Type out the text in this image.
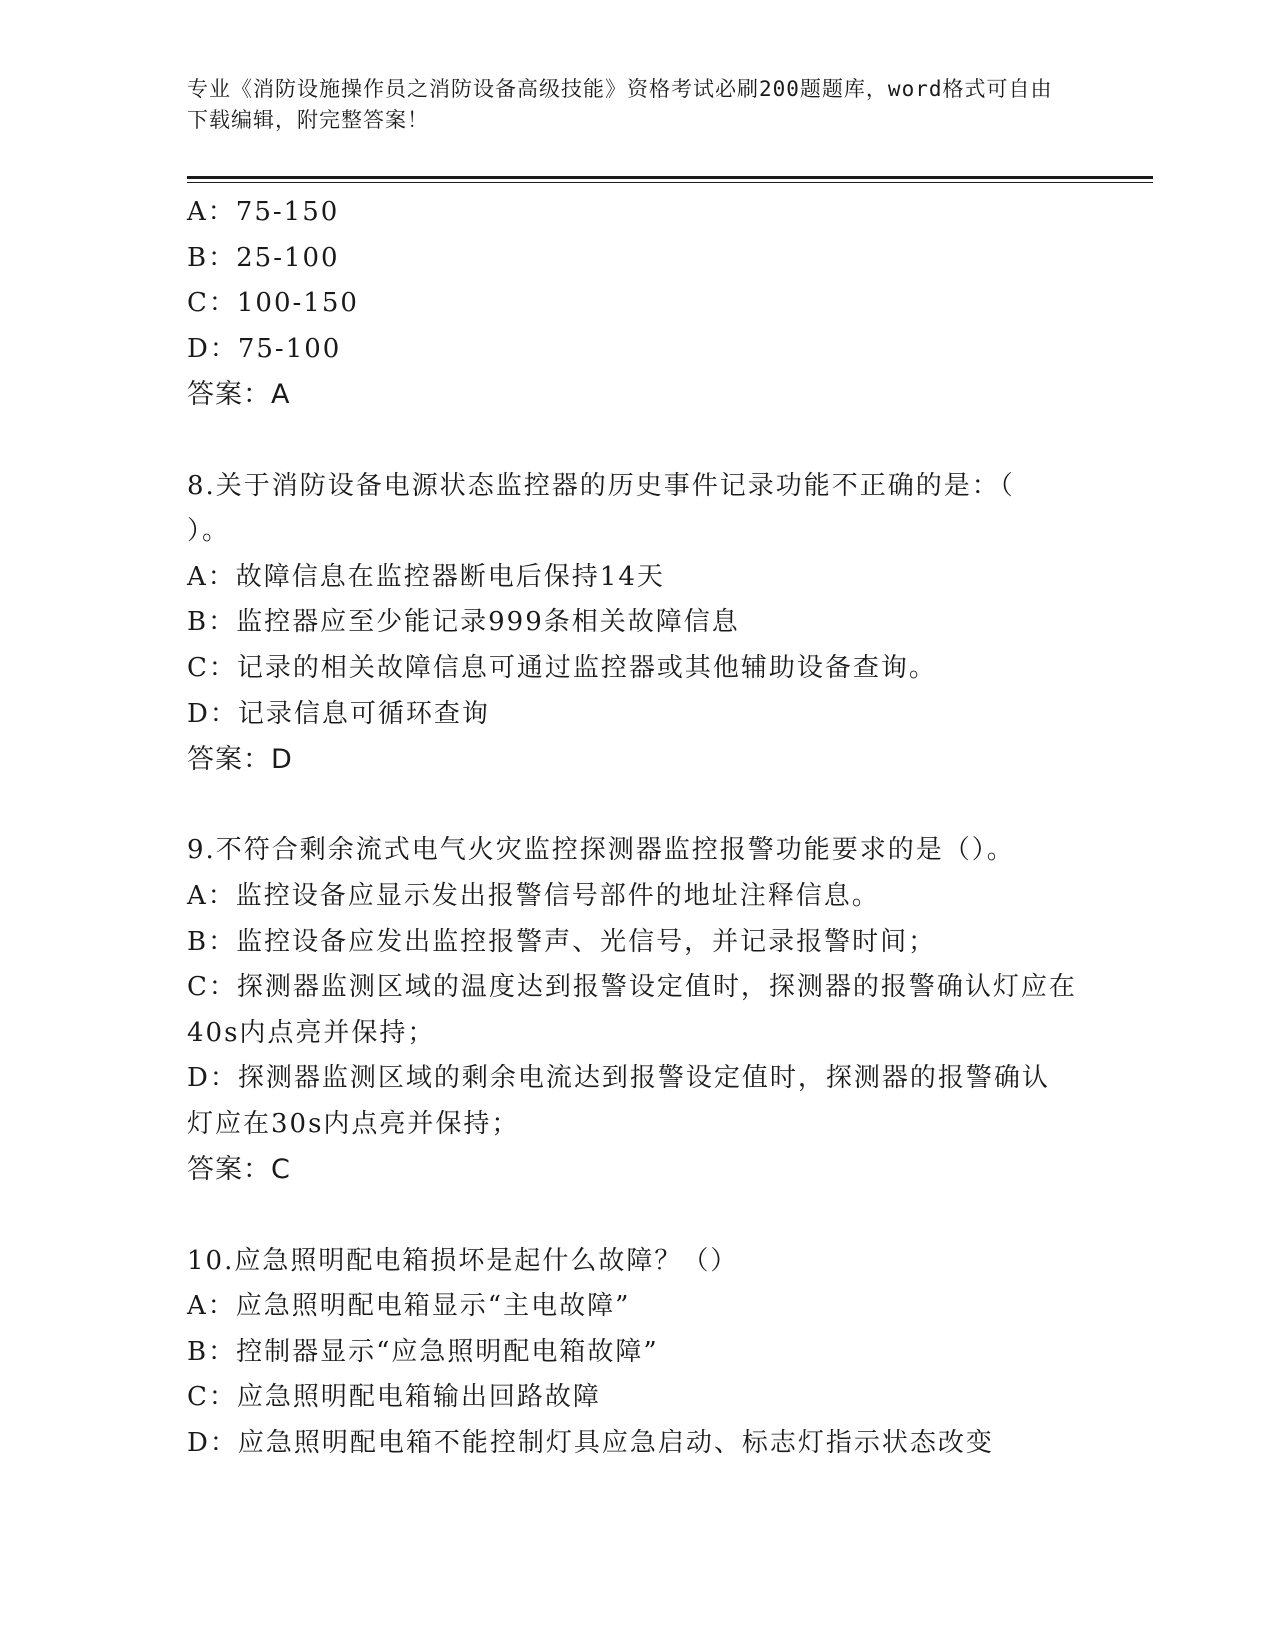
专业《消防设施操作员之消防设备高级技能》资格考试必刷200题题库，word格式可自由下载编辑，附完整答案！
A：75-150
B：25-100
C：100-150
D：75-100
答案：A
8.关于消防设备电源状态监控器的历史事件记录功能不正确的是：（
）。
A：故障信息在监控器断电后保持14天
B：监控器应至少能记录999条相关故障信息
C：记录的相关故障信息可通过监控器或其他辅助设备查询。
D：记录信息可循环查询
答案：D
9.不符合剩余流式电气火灾监控探测器监控报警功能要求的是（）。
A：监控设备应显示发出报警信号部件的地址注释信息。
B：监控设备应发出监控报警声、光信号，并记录报警时间；
C：探测器监测区域的温度达到报警设定值时，探测器的报警确认灯应在40s内点亮并保持；
D：探测器监测区域的剩余电流达到报警设定值时，探测器的报警确认灯应在30s内点亮并保持；
答案：C
10.应急照明配电箱损坏是起什么故障？（）
A：应急照明配电箱显示“主电故障”
B：控制器显示“应急照明配电箱故障”
C：应急照明配电箱输出回路故障
D：应急照明配电箱不能控制灯具应急启动、标志灯指示状态改变
